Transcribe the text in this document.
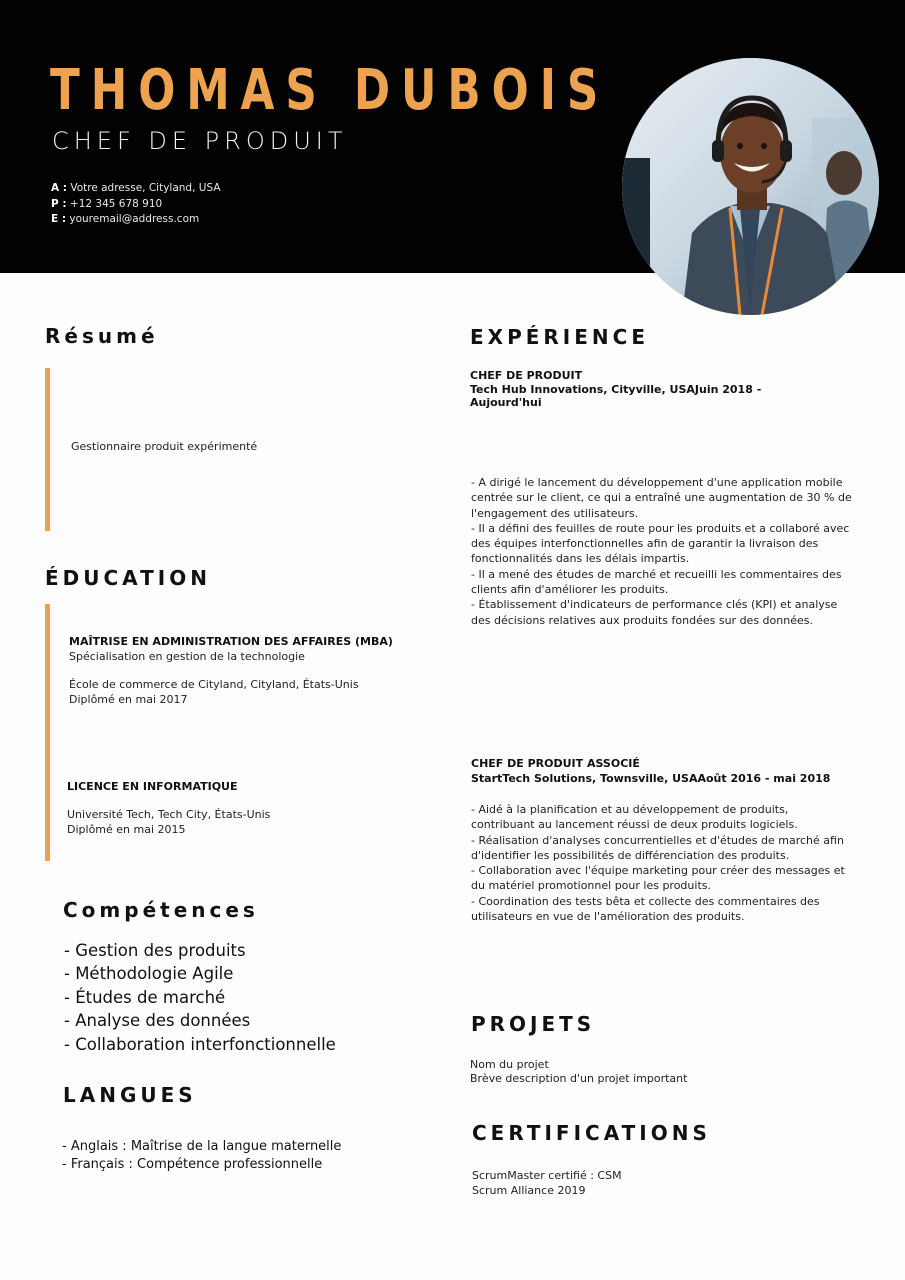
THOMAS DUBOIS
CHEF DE PRODUIT
A : Votre adresse, Cityland, USA
P : +12 345 678 910
E : youremail@address.com
Résumé
Gestionnaire produit expérimenté
ÉDUCATION
MAÎTRISE EN ADMINISTRATION DES AFFAIRES (MBA)
Spécialisation en gestion de la technologie
École de commerce de Cityland, Cityland, États-Unis
Diplômé en mai 2017
LICENCE EN INFORMATIQUE
Université Tech, Tech City, États-Unis
Diplômé en mai 2015
Compétences
- Gestion des produits
- Méthodologie Agile
- Études de marché
- Analyse des données
- Collaboration interfonctionnelle
LANGUES
- Anglais : Maîtrise de la langue maternelle
- Français : Compétence professionnelle
EXPÉRIENCE
CHEF DE PRODUIT
Tech Hub Innovations, Cityville, USAJuin 2018 -
Aujourd'hui
- A dirigé le lancement du développement d'une application mobile
centrée sur le client, ce qui a entraîné une augmentation de 30 % de
l'engagement des utilisateurs.
- Il a défini des feuilles de route pour les produits et a collaboré avec
des équipes interfonctionnelles afin de garantir la livraison des
fonctionnalités dans les délais impartis.
- Il a mené des études de marché et recueilli les commentaires des
clients afin d'améliorer les produits.
- Établissement d'indicateurs de performance clés (KPI) et analyse
des décisions relatives aux produits fondées sur des données.
CHEF DE PRODUIT ASSOCIÉ
StartTech Solutions, Townsville, USAAoût 2016 - mai 2018
- Aidé à la planification et au développement de produits,
contribuant au lancement réussi de deux produits logiciels.
- Réalisation d'analyses concurrentielles et d'études de marché afin
d'identifier les possibilités de différenciation des produits.
- Collaboration avec l'équipe marketing pour créer des messages et
du matériel promotionnel pour les produits.
- Coordination des tests bêta et collecte des commentaires des
utilisateurs en vue de l'amélioration des produits.
PROJETS
Nom du projet
Brève description d'un projet important
CERTIFICATIONS
ScrumMaster certifié : CSM
Scrum Alliance 2019
